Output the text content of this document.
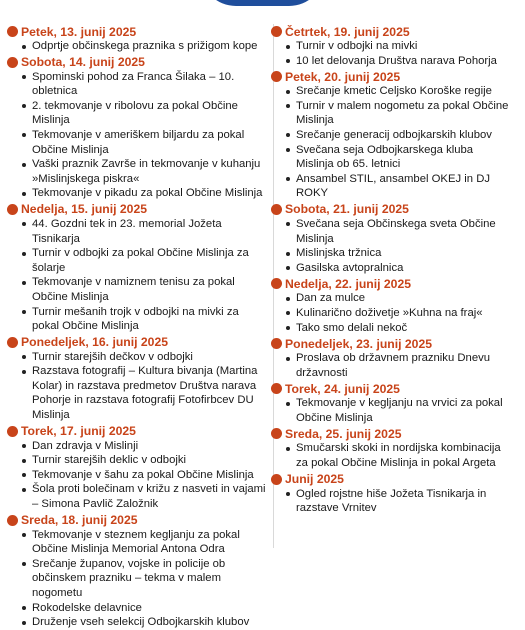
Petek, 13. junij 2025
Odprtje občinskega praznika s prižigom kope
Sobota, 14. junij 2025
Spominski pohod za Franca Šilaka – 10. obletnica
2. tekmovanje v ribolovu za pokal Občine Mislinja
Tekmovanje v ameriškem biljardu za pokal Občine Mislinja
Vaški praznik Završe in tekmovanje v kuhanju »Mislinjskega piskra«
Tekmovanje v pikadu za pokal Občine Mislinja
Nedelja, 15. junij 2025
44. Gozdni tek in 23. memorial Jožeta Tisnikarja
Turnir v odbojki za pokal Občine Mislinja za šolarje
Tekmovanje v namiznem tenisu za pokal Občine Mislinja
Turnir mešanih trojk v odbojki na mivki za pokal Občine Mislinja
Ponedeljek, 16. junij 2025
Turnir starejših dečkov v odbojki
Razstava fotografij – Kultura bivanja (Martina Kolar) in razstava predmetov Društva narava Pohorje in razstava fotografij Fotofirbcev DU Mislinja
Torek, 17. junij 2025
Dan zdravja v Mislinji
Turnir starejših deklic v odbojki
Tekmovanje v šahu za pokal Občine Mislinja
Šola proti bolečinam v križu z nasveti in vajami – Simona Pavlič Založnik
Sreda, 18. junij 2025
Tekmovanje v steznem kegljanju za pokal Občine Mislinja Memorial Antona Odra
Srečanje županov, vojske in policije ob občinskem prazniku – tekma v malem nogometu
Rokodelske delavnice
Druženje vseh selekcij Odbojkarskih klubov
Četrtek, 19. junij 2025
Turnir v odbojki na mivki
10 let delovanja Društva narava Pohorja
Petek, 20. junij 2025
Srečanje kmetic Celjsko Koroške regije
Turnir v malem nogometu za pokal Občine Mislinja
Srečanje generacij odbojkarskih klubov
Svečana seja Odbojkarskega kluba Mislinja ob 65. letnici
Ansambel STIL, ansambel OKEJ in DJ ROKY
Sobota, 21. junij 2025
Svečana seja Občinskega sveta Občine Mislinja
Mislinjska tržnica
Gasilska avtopralnica
Nedelja, 22. junij 2025
Dan za mulce
Kulinarično doživetje »Kuhna na fraj«
Tako smo delali nekoč
Ponedeljek, 23. junij 2025
Proslava ob državnem prazniku Dnevu državnosti
Torek, 24. junij 2025
Tekmovanje v kegljanju na vrvici za pokal Občine Mislinja
Sreda, 25. junij 2025
Smučarski skoki in nordijska kombinacija za pokal Občine Mislinja in pokal Argeta
Junij 2025
Ogled rojstne hiše Jožeta Tisnikarja in razstave Vrnitev
